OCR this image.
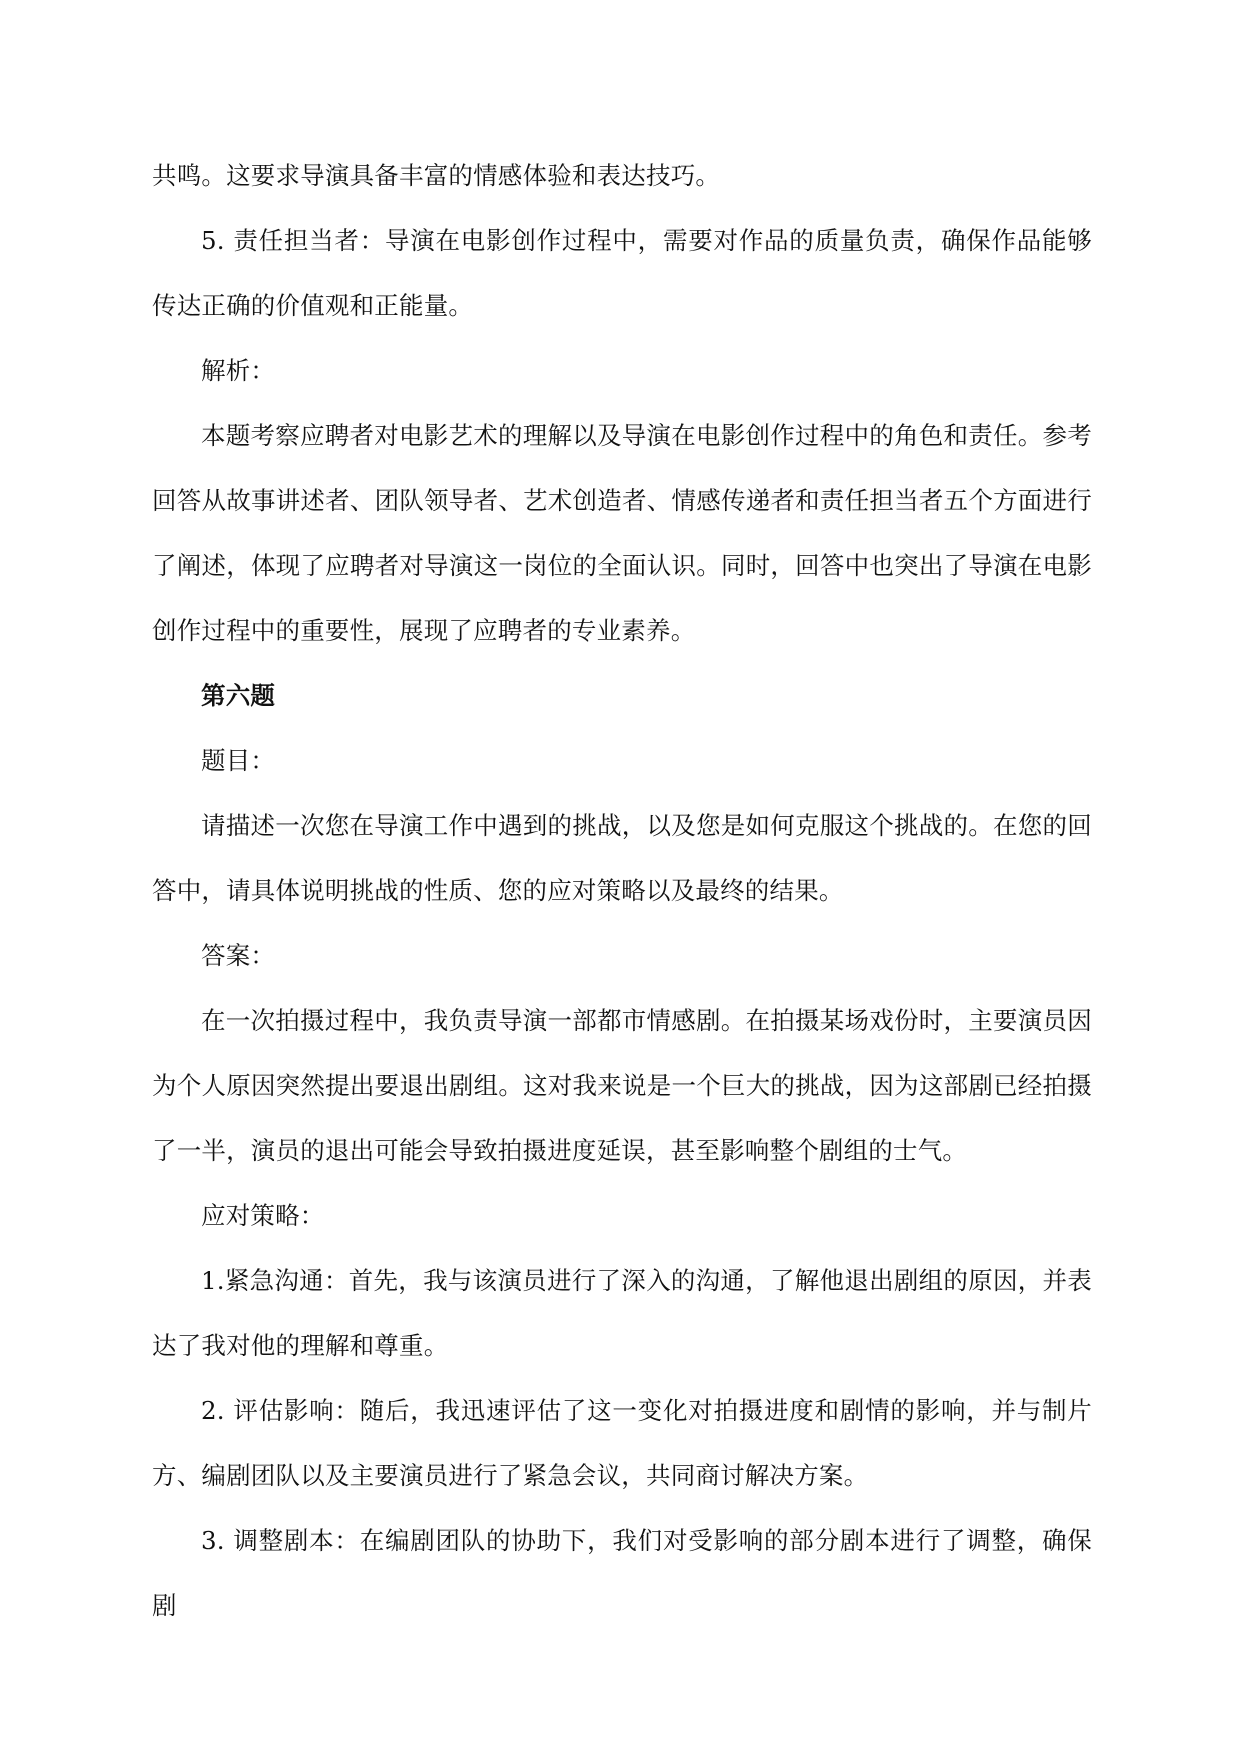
共鸣。这要求导演具备丰富的情感体验和表达技巧。

5. 责任担当者：导演在电影创作过程中，需要对作品的质量负责，确保作品能够传达正确的价值观和正能量。

解析：

本题考察应聘者对电影艺术的理解以及导演在电影创作过程中的角色和责任。参考回答从故事讲述者、团队领导者、艺术创造者、情感传递者和责任担当者五个方面进行了阐述，体现了应聘者对导演这一岗位的全面认识。同时，回答中也突出了导演在电影创作过程中的重要性，展现了应聘者的专业素养。

第六题

题目：

请描述一次您在导演工作中遇到的挑战，以及您是如何克服这个挑战的。在您的回答中，请具体说明挑战的性质、您的应对策略以及最终的结果。

答案：

在一次拍摄过程中，我负责导演一部都市情感剧。在拍摄某场戏份时，主要演员因为个人原因突然提出要退出剧组。这对我来说是一个巨大的挑战，因为这部剧已经拍摄了一半，演员的退出可能会导致拍摄进度延误，甚至影响整个剧组的士气。

应对策略：

1.紧急沟通：首先，我与该演员进行了深入的沟通，了解他退出剧组的原因，并表达了我对他的理解和尊重。

2. 评估影响：随后，我迅速评估了这一变化对拍摄进度和剧情的影响，并与制片方、编剧团队以及主要演员进行了紧急会议，共同商讨解决方案。

3. 调整剧本：在编剧团队的协助下，我们对受影响的部分剧本进行了调整，确保剧
